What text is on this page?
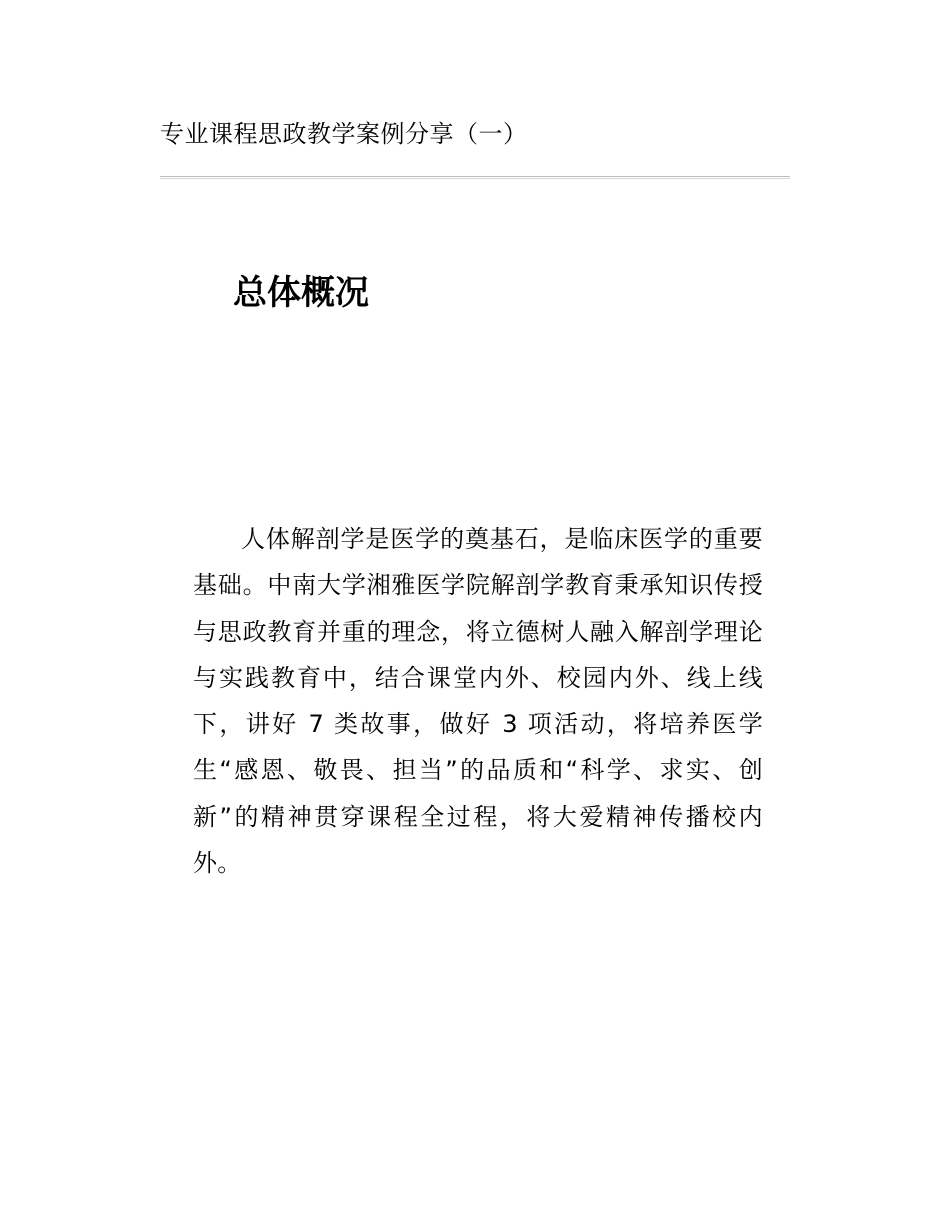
专业课程思政教学案例分享（一）
总体概况

人体解剖学是医学的奠基石，是临床医学的重要基础。中南大学湘雅医学院解剖学教育秉承知识传授与思政教育并重的理念，将立德树人融入解剖学理论与实践教育中，结合课堂内外、校园内外、线上线下，讲好 7 类故事，做好 3 项活动，将培养医学生“感恩、敬畏、担当”的品质和“科学、求实、创新”的精神贯穿课程全过程，将大爱精神传播校内外。
